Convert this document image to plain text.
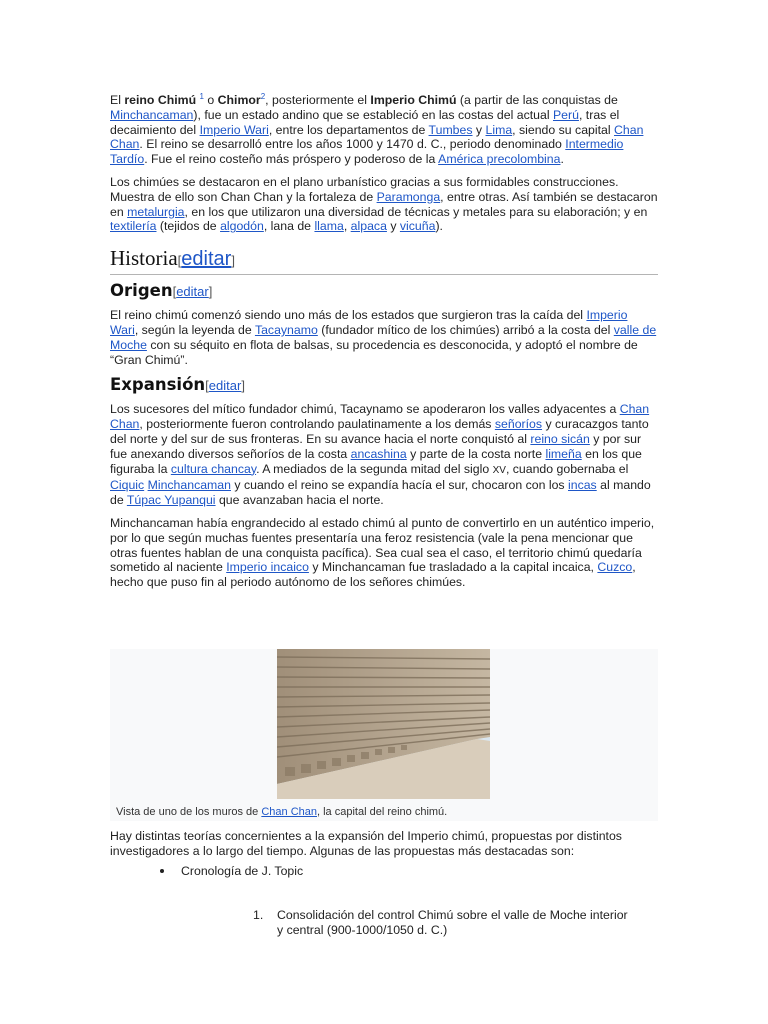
El reino Chimú $^1$ o Chimor$^2$, posteriormente el Imperio Chimú (a partir de las conquistas de Minchancaman), fue un estado andino que se estableció en las costas del actual Perú, tras el decaimiento del Imperio Wari, entre los departamentos de Tumbes y Lima, siendo su capital Chan Chan. El reino se desarrolló entre los años 1000 y 1470 d. C., periodo denominado Intermedio Tardío. Fue el reino costeño más próspero y poderoso de la América precolombina.

Los chimúes se destacaron en el plano urbanístico gracias a sus formidables construcciones. Muestra de ello son Chan Chan y la fortaleza de Paramonga, entre otras. Así también se destacaron en metalurgia, en los que utilizaron una diversidad de técnicas y metales para su elaboración; y en textilería (tejidos de algodón, lana de llama, alpaca y vicuña).

Historia[editar]
Origen[editar]

El reino chimú comenzó siendo uno más de los estados que surgieron tras la caída del Imperio Wari, según la leyenda de Tacaynamo (fundador mítico de los chimúes) arribó a la costa del valle de Moche con su séquito en flota de balsas, su procedencia es desconocida, y adoptó el nombre de “Gran Chimú”.

Expansión[editar]

Los sucesores del mítico fundador chimú, Tacaynamo se apoderaron los valles adyacentes a Chan Chan, posteriormente fueron controlando paulatinamente a los demás señoríos y curacazgos tanto del norte y del sur de sus fronteras. En su avance hacia el norte conquistó al reino sicán y por sur fue anexando diversos señoríos de la costa ancashina y parte de la costa norte limeña en los que figuraba la cultura chancay. A mediados de la segunda mitad del siglo XV, cuando gobernaba el Ciquic Minchancaman y cuando el reino se expandía hacía el sur, chocaron con los incas al mando de Túpac Yupanqui que avanzaban hacia el norte.

Minchancaman había engrandecido al estado chimú al punto de convertirlo en un auténtico imperio, por lo que según muchas fuentes presentaría una feroz resistencia (vale la pena mencionar que otras fuentes hablan de una conquista pacífica). Sea cual sea el caso, el territorio chimú quedaría sometido al naciente Imperio incaico y Minchancaman fue trasladado a la capital incaica, Cuzco, hecho que puso fin al periodo autónomo de los señores chimúes.

Vista de uno de los muros de Chan Chan, la capital del reino chimú.

Hay distintas teorías concernientes a la expansión del Imperio chimú, propuestas por distintos investigadores a lo largo del tiempo. Algunas de las propuestas más destacadas son:

Cronología de J. Topic
1. Consolidación del control Chimú sobre el valle de Moche interior y central (900-1000/1050 d. C.)
